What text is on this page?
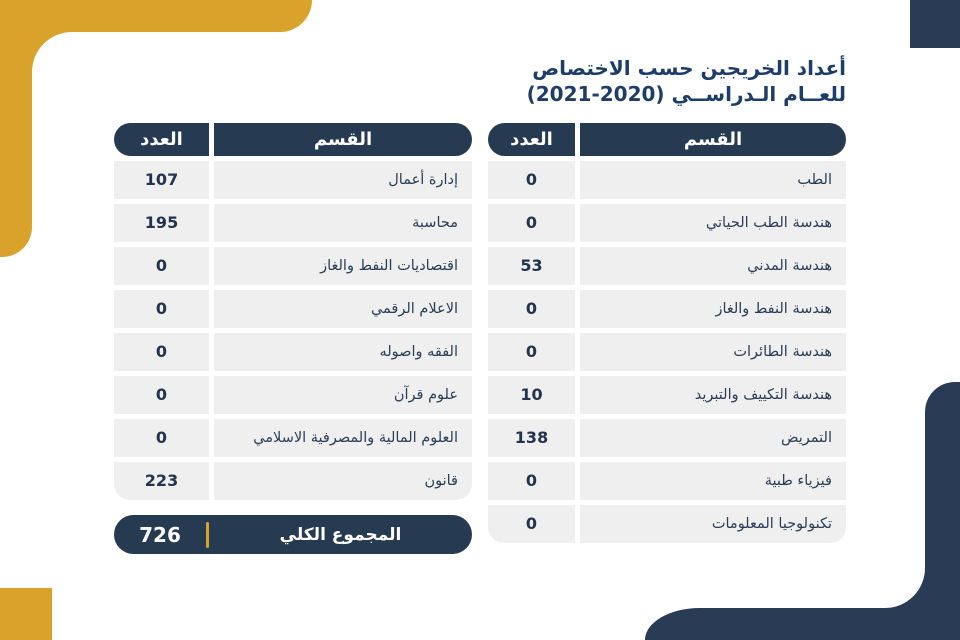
أعداد الخريجين حسب الاختصاص
للعــام الـدراســي (2020-2021)
العدد	القسم
0	الطب
0	هندسة الطب الحياتي
53	هندسة المدني
0	هندسة النفط والغاز
0	هندسة الطائرات
10	هندسة التكييف والتبريد
138	التمريض
0	فيزياء طبية
0	تكنولوجيا المعلومات
العدد	القسم
107	إدارة أعمال
195	محاسبة
0	اقتصاديات النفط والغاز
0	الاعلام الرقمي
0	الفقه واصوله
0	علوم قرآن
0	العلوم المالية والمصرفية الاسلامي
223	قانون
726	المجموع الكلي
